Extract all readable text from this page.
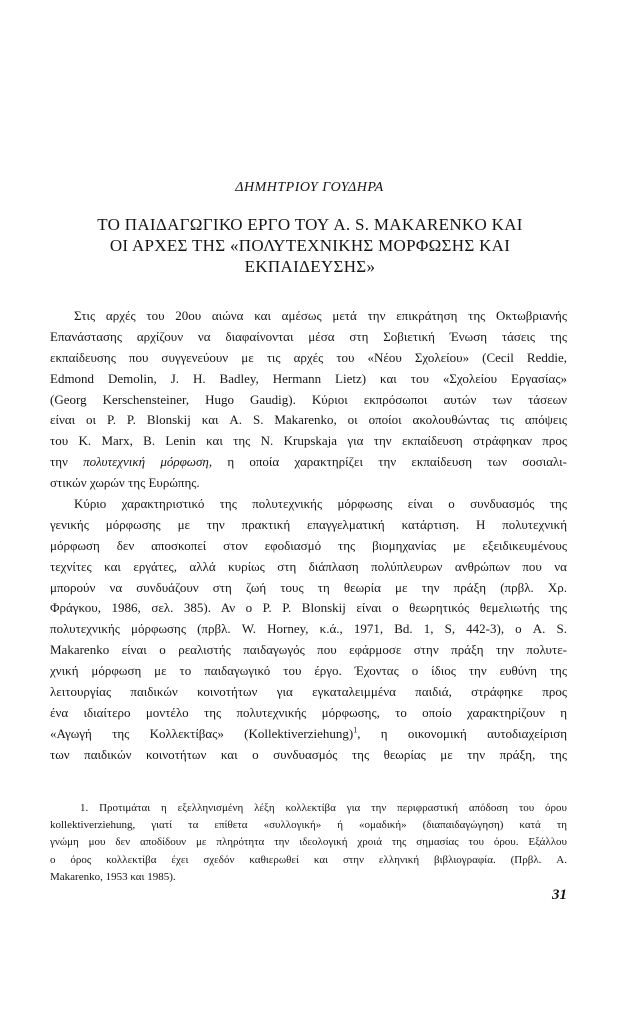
ΔΗΜΗΤΡΙΟΥ ΓΟΥΔΗΡΑ
ΤΟ ΠΑΙΔΑΓΩΓΙΚΟ ΕΡΓΟ ΤΟΥ A. S. MAKARENKO ΚΑΙ
ΟΙ ΑΡΧΕΣ ΤΗΣ «ΠΟΛΥΤΕΧΝΙΚΗΣ ΜΟΡΦΩΣΗΣ ΚΑΙ
ΕΚΠΑΙΔΕΥΣΗΣ»
Στις αρχές του 20ου αιώνα και αμέσως μετά την επικράτηση της Οκτωβριανής
Επανάστασης αρχίζουν να διαφαίνονται μέσα στη Σοβιετική Ένωση τάσεις της
εκπαίδευσης που συγγενεύουν με τις αρχές του «Νέου Σχολείου» (Cecil Reddie,
Edmond Demolin, J. H. Badley, Hermann Lietz) και του «Σχολείου Εργασίας»
(Georg Kerschensteiner, Hugo Gaudig). Κύριοι εκπρόσωποι αυτών των τάσεων
είναι οι P. P. Blonskij και A. S. Makarenko, οι οποίοι ακολουθώντας τις απόψεις
του K. Marx, B. Lenin και της N. Krupskaja για την εκπαίδευση στράφηκαν προς
την πολυτεχνική μόρφωση, η οποία χαρακτηρίζει την εκπαίδευση των σοσιαλι-
στικών χωρών της Ευρώπης.
Κύριο χαρακτηριστικό της πολυτεχνικής μόρφωσης είναι ο συνδυασμός της
γενικής μόρφωσης με την πρακτική επαγγελματική κατάρτιση. Η πολυτεχνική
μόρφωση δεν αποσκοπεί στον εφοδιασμό της βιομηχανίας με εξειδικευμένους
τεχνίτες και εργάτες, αλλά κυρίως στη διάπλαση πολύπλευρων ανθρώπων που να
μπορούν να συνδυάζουν στη ζωή τους τη θεωρία με την πράξη (πρβλ. Χρ.
Φράγκου, 1986, σελ. 385). Αν ο P. P. Blonskij είναι ο θεωρητικός θεμελιωτής της
πολυτεχνικής μόρφωσης (πρβλ. W. Horney, κ.ά., 1971, Bd. 1, S, 442-3), ο A. S.
Makarenko είναι ο ρεαλιστής παιδαγωγός που εφάρμοσε στην πράξη την πολυτε-
χνική μόρφωση με το παιδαγωγικό του έργο. Έχοντας ο ίδιος την ευθύνη της
λειτουργίας παιδικών κοινοτήτων για εγκαταλειμμένα παιδιά, στράφηκε προς
ένα ιδιαίτερο μοντέλο της πολυτεχνικής μόρφωσης, το οποίο χαρακτηρίζουν η
«Αγωγή της Κολλεκτίβας» (Kollektiverziehung)$^1$, η οικονομική αυτοδιαχείριση
των παιδικών κοινοτήτων και ο συνδυασμός της θεωρίας με την πράξη, της
1. Προτιμάται η εξελληνισμένη λέξη κολλεκτίβα για την περιφραστική απόδοση του όρου
kollektiverziehung, γιατί τα επίθετα «συλλογική» ή «ομαδική» (διαπαιδαγώγηση) κατά τη
γνώμη μου δεν αποδίδουν με πληρότητα την ιδεολογική χροιά της σημασίας του όρου. Εξάλλου
ο όρος κολλεκτίβα έχει σχεδόν καθιερωθεί και στην ελληνική βιβλιογραφία. (Πρβλ. A.
Makarenko, 1953 και 1985).
31
